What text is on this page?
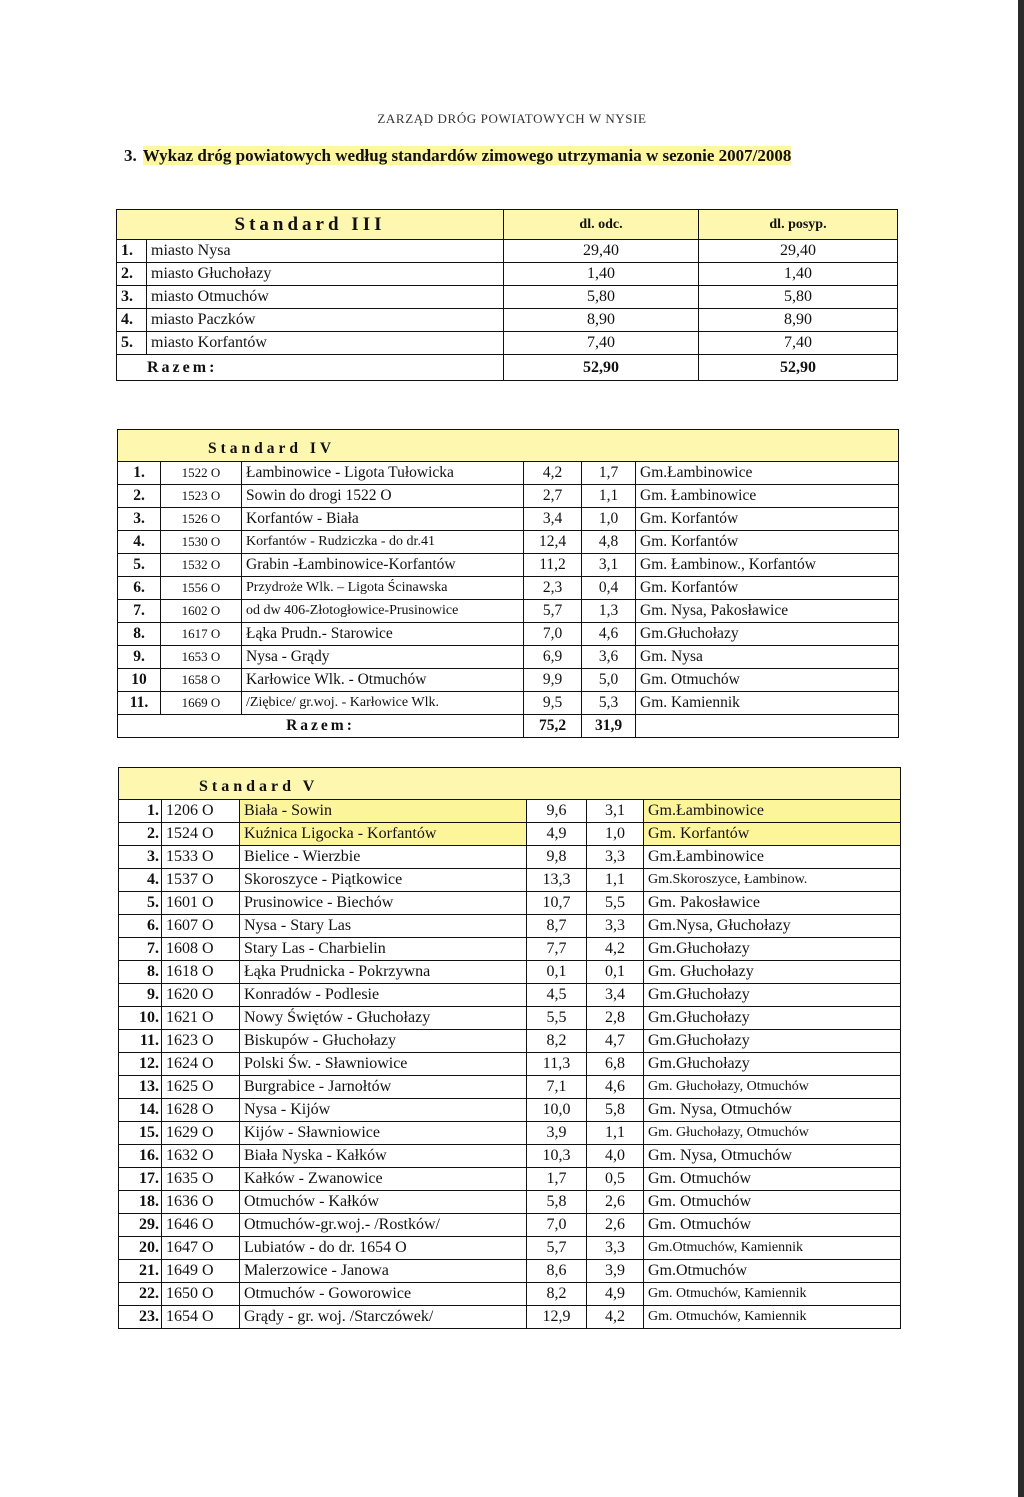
ZARZĄD DRÓG POWIATOWYCH W NYSIE
3. Wykaz dróg powiatowych według standardów zimowego utrzymania w sezonie 2007/2008
Standard III		dl. odc.	dl. posyp.
1.	miasto Nysa	29,40	29,40
2.	miasto Głuchołazy	1,40	1,40
3.	miasto Otmuchów	5,80	5,80
4.	miasto Paczków	8,90	8,90
5.	miasto Korfantów	7,40	7,40
Razem:		52,90	52,90
Standard IV					
1.	1522 O	Łambinowice - Ligota Tułowicka	4,2	1,7	Gm.Łambinowice
2.	1523 O	Sowin do drogi 1522 O	2,7	1,1	Gm. Łambinowice
3.	1526 O	Korfantów - Biała	3,4	1,0	Gm. Korfantów
4.	1530 O	Korfantów - Rudziczka - do dr.41	12,4	4,8	Gm. Korfantów
5.	1532 O	Grabin -Łambinowice-Korfantów	11,2	3,1	Gm. Łambinow., Korfantów
6.	1556 O	Przydroże Wlk. – Ligota Ścinawska	2,3	0,4	Gm. Korfantów
7.	1602 O	od dw 406-Złotogłowice-Prusinowice	5,7	1,3	Gm. Nysa, Pakosławice
8.	1617 O	Łąka Prudn.- Starowice	7,0	4,6	Gm.Głuchołazy
9.	1653 O	Nysa - Grądy	6,9	3,6	Gm. Nysa
10	1658 O	Karłowice Wlk. - Otmuchów	9,9	5,0	Gm. Otmuchów
11.	1669 O	/Ziębice/ gr.woj. - Karłowice Wlk.	9,5	5,3	Gm. Kamiennik
Razem:			75,2	31,9	
Standard V					
1.	1206 O	Biała - Sowin	9,6	3,1	Gm.Łambinowice
2.	1524 O	Kuźnica Ligocka - Korfantów	4,9	1,0	Gm. Korfantów
3.	1533 O	Bielice - Wierzbie	9,8	3,3	Gm.Łambinowice
4.	1537 O	Skoroszyce - Piątkowice	13,3	1,1	Gm.Skoroszyce, Łambinow.
5.	1601 O	Prusinowice - Biechów	10,7	5,5	Gm. Pakosławice
6.	1607 O	Nysa - Stary Las	8,7	3,3	Gm.Nysa, Głuchołazy
7.	1608 O	Stary Las - Charbielin	7,7	4,2	Gm.Głuchołazy
8.	1618 O	Łąka Prudnicka - Pokrzywna	0,1	0,1	Gm. Głuchołazy
9.	1620 O	Konradów - Podlesie	4,5	3,4	Gm.Głuchołazy
10.	1621 O	Nowy Świętów - Głuchołazy	5,5	2,8	Gm.Głuchołazy
11.	1623 O	Biskupów - Głuchołazy	8,2	4,7	Gm.Głuchołazy
12.	1624 O	Polski Św. - Sławniowice	11,3	6,8	Gm.Głuchołazy
13.	1625 O	Burgrabice - Jarnołtów	7,1	4,6	Gm. Głuchołazy, Otmuchów
14.	1628 O	Nysa - Kijów	10,0	5,8	Gm. Nysa, Otmuchów
15.	1629 O	Kijów - Sławniowice	3,9	1,1	Gm. Głuchołazy, Otmuchów
16.	1632 O	Biała Nyska - Kałków	10,3	4,0	Gm. Nysa, Otmuchów
17.	1635 O	Kałków - Zwanowice	1,7	0,5	Gm. Otmuchów
18.	1636 O	Otmuchów - Kałków	5,8	2,6	Gm. Otmuchów
29.	1646 O	Otmuchów-gr.woj.- /Rostków/	7,0	2,6	Gm. Otmuchów
20.	1647 O	Lubiatów - do dr. 1654 O	5,7	3,3	Gm.Otmuchów, Kamiennik
21.	1649 O	Malerzowice - Janowa	8,6	3,9	Gm.Otmuchów
22.	1650 O	Otmuchów - Goworowice	8,2	4,9	Gm. Otmuchów, Kamiennik
23.	1654 O	Grądy - gr. woj. /Starczówek/	12,9	4,2	Gm. Otmuchów, Kamiennik
